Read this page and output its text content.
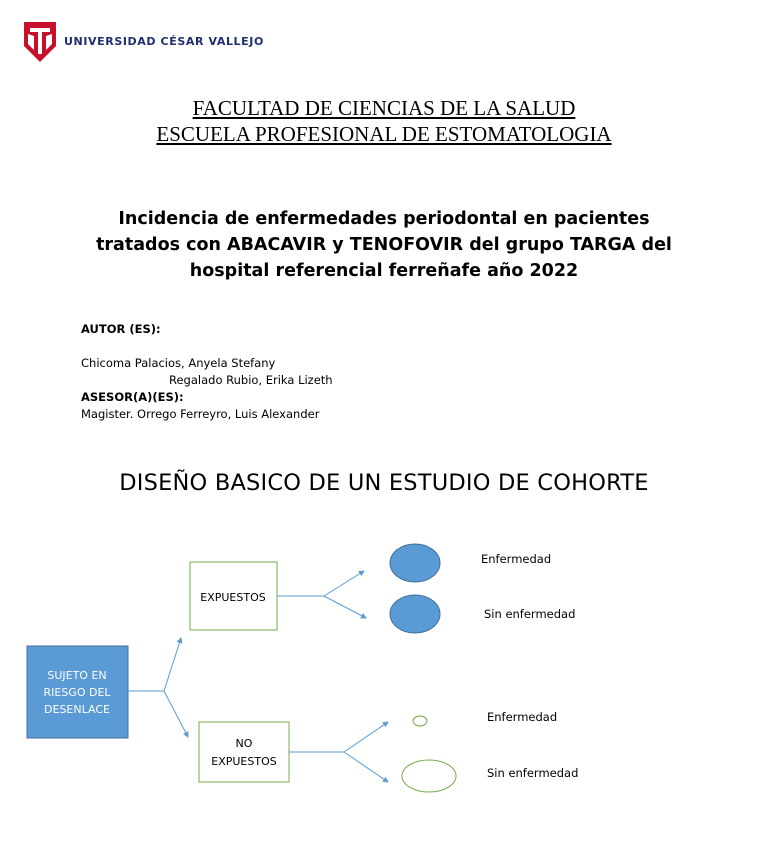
UNIVERSIDAD CÉSAR VALLEJO
FACULTAD DE CIENCIAS DE LA SALUD
ESCUELA PROFESIONAL DE ESTOMATOLOGIA
Incidencia de enfermedades periodontal en pacientes
tratados con ABACAVIR y TENOFOVIR del grupo TARGA del
hospital referencial ferreñafe año 2022
AUTOR (ES):
Chicoma Palacios, Anyela Stefany
Regalado Rubio, Erika Lizeth
ASESOR(A)(ES):
Magister. Orrego Ferreyro, Luis Alexander
DISEÑO BASICO DE UN ESTUDIO DE COHORTE
SUJETO EN
RIESGO DEL
DESENLACE
EXPUESTOS
Enfermedad
Sin enfermedad
NO
EXPUESTOS
Enfermedad
Sin enfermedad
